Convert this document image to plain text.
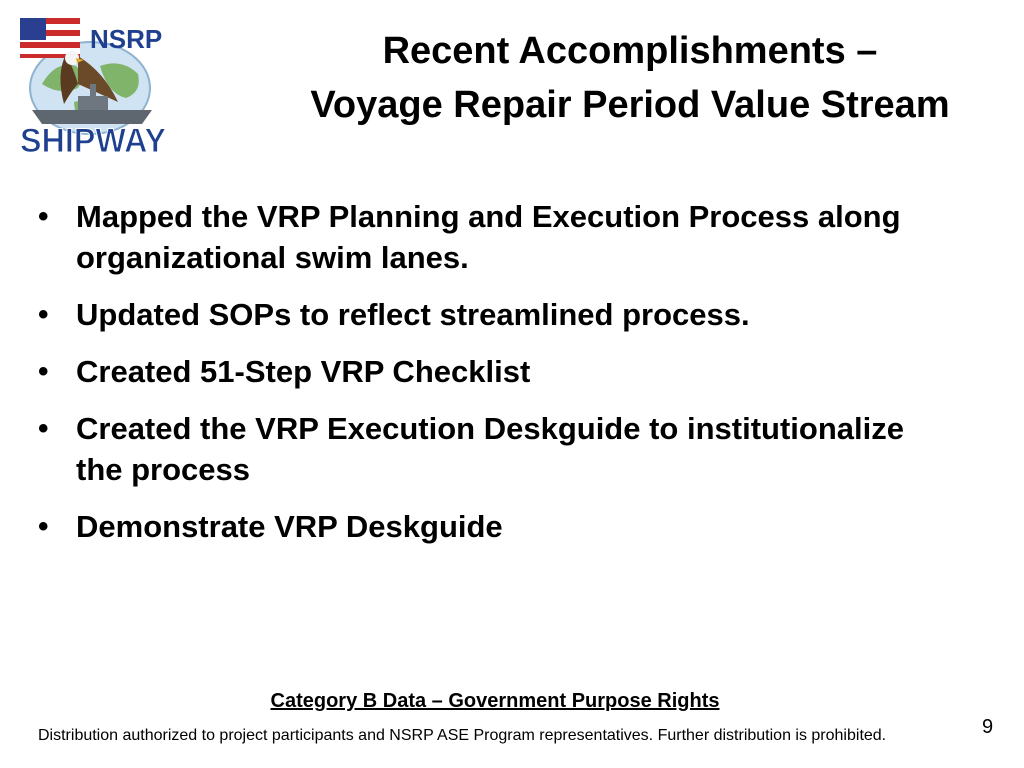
NSRP
SHIPWAY
Recent Accomplishments –
Voyage Repair Period Value Stream
• Mapped the VRP Planning and Execution Process along organizational swim lanes.
• Updated SOPs to reflect streamlined process.
• Created 51-Step VRP Checklist
• Created the VRP Execution Deskguide to institutionalize the process
• Demonstrate VRP Deskguide
Category B Data – Government Purpose Rights
Distribution authorized to project participants and NSRP ASE Program representatives. Further distribution is prohibited.	9
